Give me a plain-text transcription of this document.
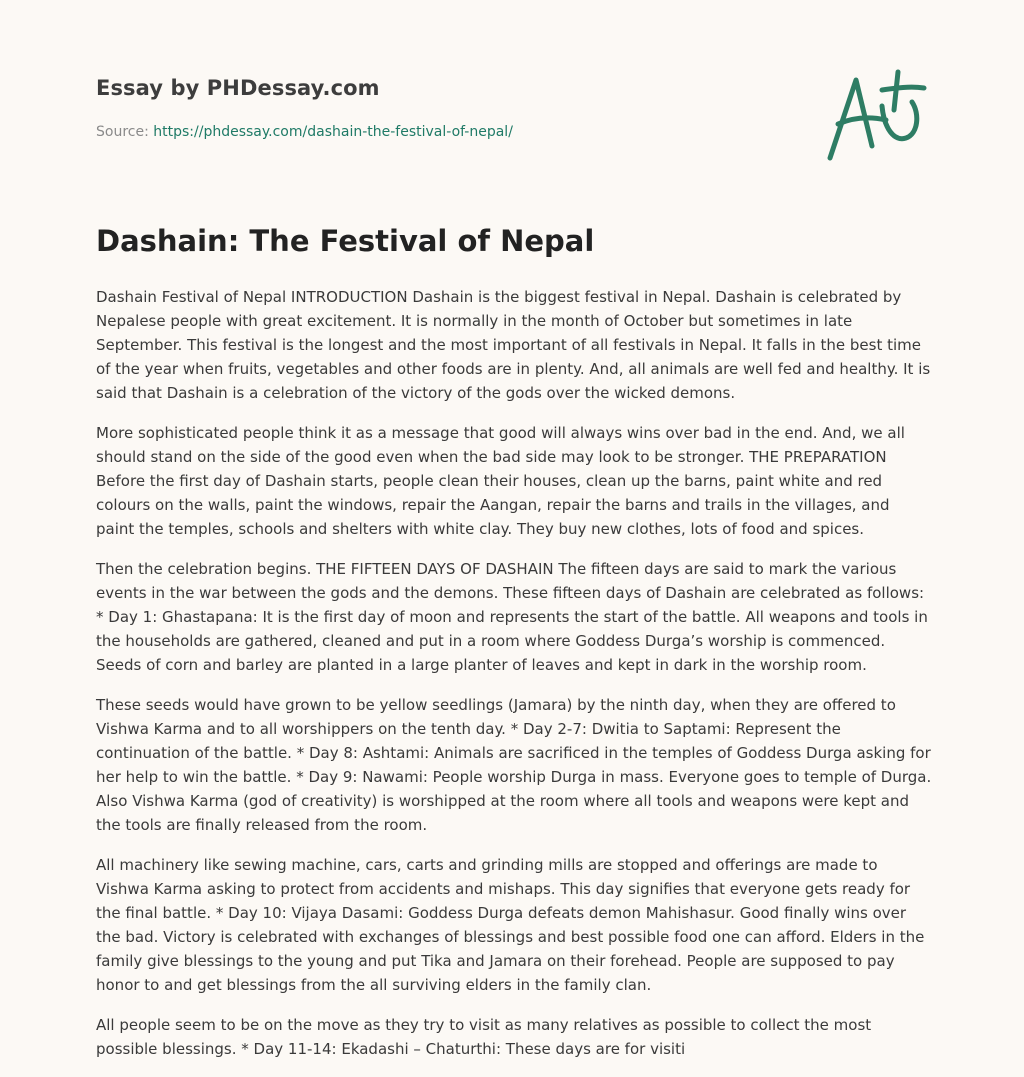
Essay by PHDessay.com
Source: https://phdessay.com/dashain-the-festival-of-nepal/
Dashain: The Festival of Nepal

Dashain Festival of Nepal INTRODUCTION Dashain is the biggest festival in Nepal. Dashain is celebrated by Nepalese people with great excitement. It is normally in the month of October but sometimes in late September. This festival is the longest and the most important of all festivals in Nepal. It falls in the best time of the year when fruits, vegetables and other foods are in plenty. And, all animals are well fed and healthy. It is said that Dashain is a celebration of the victory of the gods over the wicked demons.

More sophisticated people think it as a message that good will always wins over bad in the end. And, we all should stand on the side of the good even when the bad side may look to be stronger. THE PREPARATION Before the first day of Dashain starts, people clean their houses, clean up the barns, paint white and red colours on the walls, paint the windows, repair the Aangan, repair the barns and trails in the villages, and paint the temples, schools and shelters with white clay. They buy new clothes, lots of food and spices.

Then the celebration begins. THE FIFTEEN DAYS OF DASHAIN The fifteen days are said to mark the various events in the war between the gods and the demons. These fifteen days of Dashain are celebrated as follows: * Day 1: Ghastapana: It is the first day of moon and represents the start of the battle. All weapons and tools in the households are gathered, cleaned and put in a room where Goddess Durga’s worship is commenced. Seeds of corn and barley are planted in a large planter of leaves and kept in dark in the worship room.

These seeds would have grown to be yellow seedlings (Jamara) by the ninth day, when they are offered to Vishwa Karma and to all worshippers on the tenth day. * Day 2-7: Dwitia to Saptami: Represent the continuation of the battle. * Day 8: Ashtami: Animals are sacrificed in the temples of Goddess Durga asking for her help to win the battle. * Day 9: Nawami: People worship Durga in mass. Everyone goes to temple of Durga. Also Vishwa Karma (god of creativity) is worshipped at the room where all tools and weapons were kept and the tools are finally released from the room.

All machinery like sewing machine, cars, carts and grinding mills are stopped and offerings are made to Vishwa Karma asking to protect from accidents and mishaps. This day signifies that everyone gets ready for the final battle. * Day 10: Vijaya Dasami: Goddess Durga defeats demon Mahishasur. Good finally wins over the bad. Victory is celebrated with exchanges of blessings and best possible food one can afford. Elders in the family give blessings to the young and put Tika and Jamara on their forehead. People are supposed to pay honor to and get blessings from the all surviving elders in the family clan.

All people seem to be on the move as they try to visit as many relatives as possible to collect the most possible blessings. * Day 11-14: Ekadashi – Chaturthi: These days are for visiti
